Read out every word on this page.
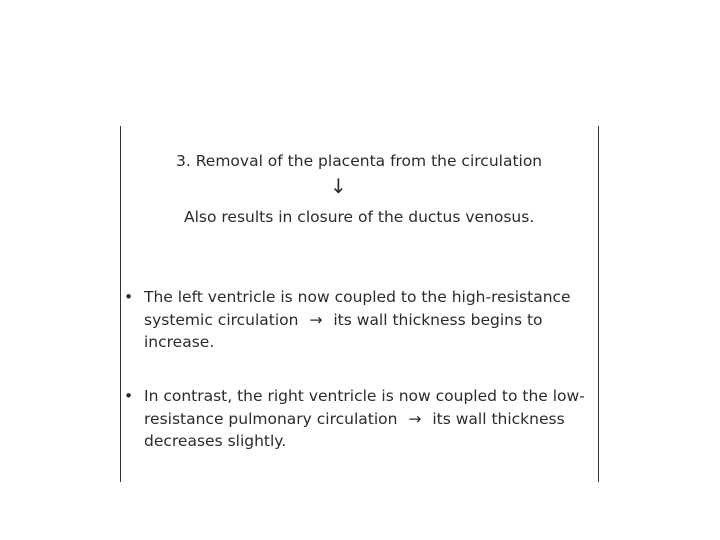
3. Removal of the placenta from the circulation
↓
Also results in closure of the ductus venosus.
• The left ventricle is now coupled to the high-resistance
systemic circulation → its wall thickness begins to
increase.
• In contrast, the right ventricle is now coupled to the low-
resistance pulmonary circulation → its wall thickness
decreases slightly.
